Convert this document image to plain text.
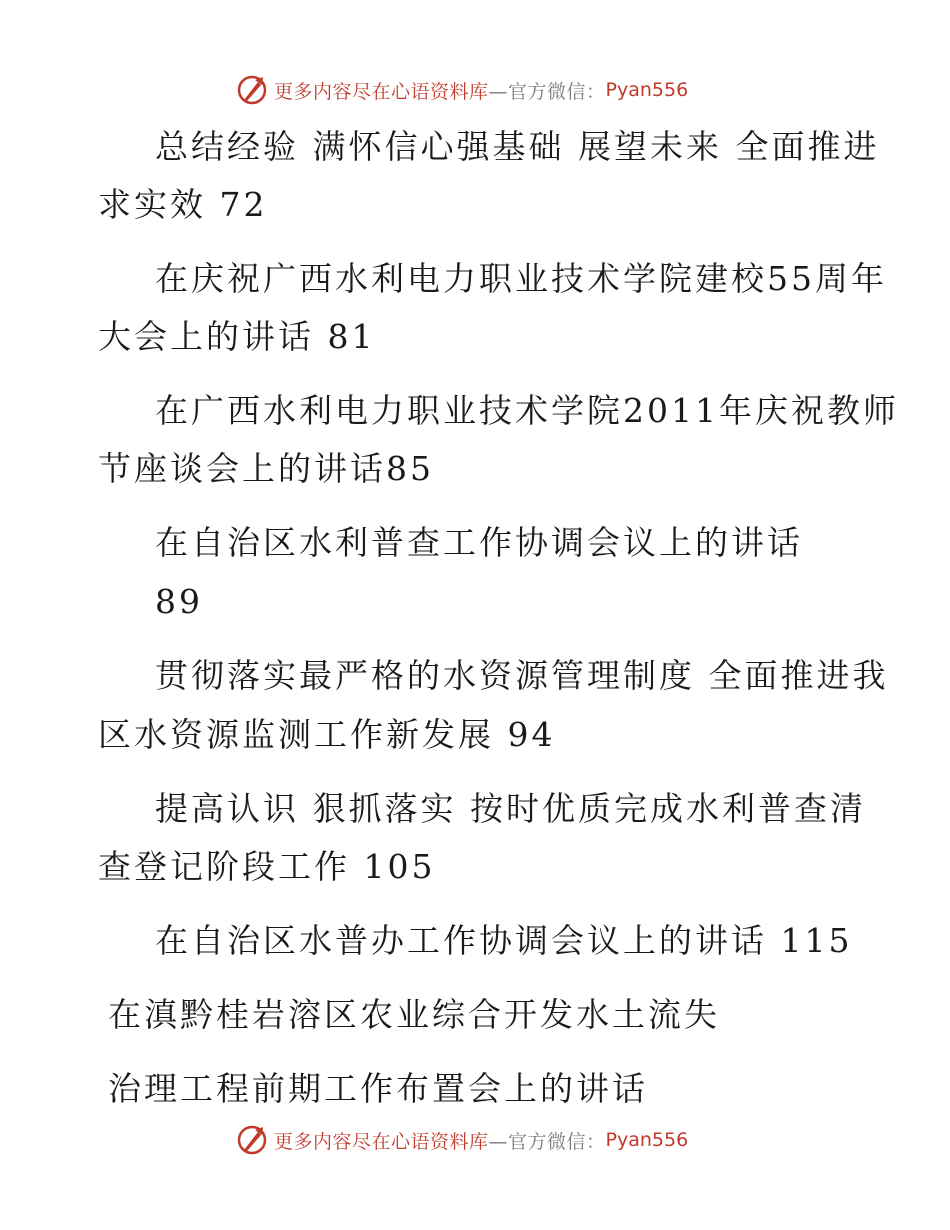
更多内容尽在心语资料库 —官方微信： Pyan556
总结经验 满怀信心强基础 展望未来 全面推进
求实效 72
在庆祝广西水利电力职业技术学院建校55周年
大会上的讲话 81
在广西水利电力职业技术学院2011年庆祝教师
节座谈会上的讲话85
在自治区水利普查工作协调会议上的讲话
89
贯彻落实最严格的水资源管理制度 全面推进我
区水资源监测工作新发展 94
提高认识 狠抓落实 按时优质完成水利普查清
查登记阶段工作 105
在自治区水普办工作协调会议上的讲话 115
在滇黔桂岩溶区农业综合开发水土流失
治理工程前期工作布置会上的讲话
更多内容尽在心语资料库 —官方微信： Pyan556
